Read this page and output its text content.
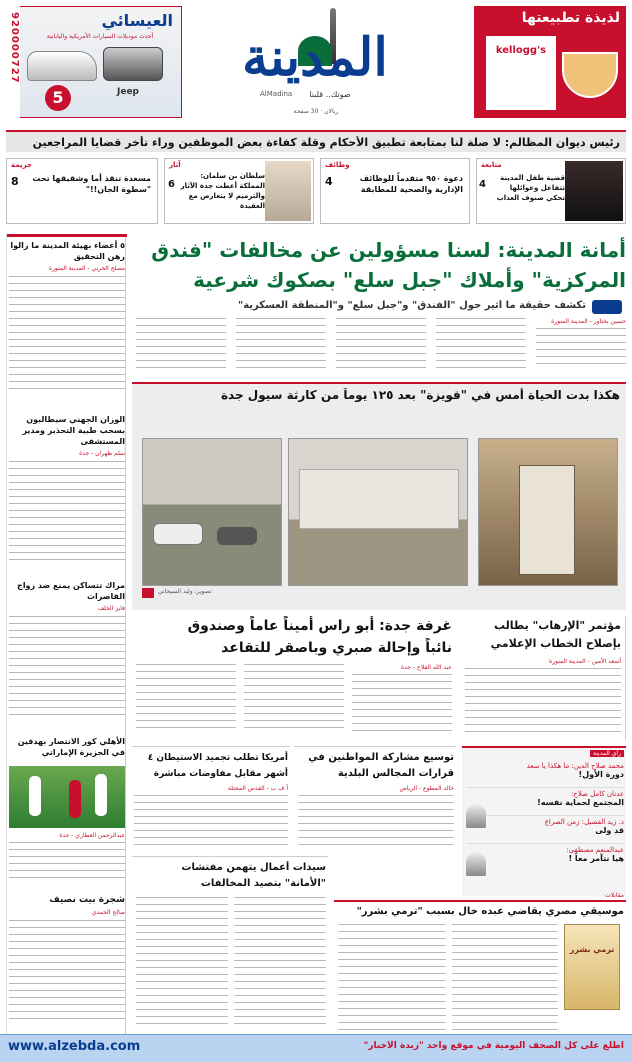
العيسائي
أحدث موديلات السيارات الأمريكية واليابانية
Jeep
5
920000727	المدينة
AlMadina	صوتك.. قلبنا
لذيذة تطبيعتها
kellogg's
ريالان · 30 صفحة
رئيس ديوان المظالم: لا صلة لنا بمتابعة تطبيق الأحكام وقلة كفاءة بعض الموظفين وراء تأخر قضايا المراجعين
متابعة
قضية طفل المدينة تتفاعل وعوائلها تحكي صنوف العذاب
4
وظائف
دعوة ٩٥٠ متقدماً للوظائف الإدارية والصحية للمطابقة
4
آثار
سلطان بن سلمان: المملكة أعطت جدة الآثار والترميم لا يتعارض مع العقيدة
6
جريمة
مسعدة تنقذ أما وشقيقها تحت "سطوة الجان!!"
8
٥ أعضاء بهيئة المدينة ما زالوا رهن التحقيق
مصلح الحربي - المدينة المنورة
الوزان الجهني سيطالبون بسحب طبية التحذير ومدير المستشفى
سلم ظهران - جدة
مراك تتساكن يمنع ضد زواج القاصرات
فايز الخلف
الأهلي كور الانتصار بهدفين في الجزيرة الإماراتي
عبدالرحمن العطاري - جدة
شجرة بيت نصيف
صالح الحمدي
أمانة المدينة: لسنا مسؤولين عن مخالفات "فندق
المركزية" وأملاك "جبل سلع" بصكوك شرعية
تكشف حقيقة ما أثير حول "الفندق" و"جبل سلع" و"المنطقة العسكرية"
حسين بختاور - المدينة المنورة
هكذا بدت الحياة أمس في "قويزة" بعد ١٢٥ يوماً من كارثة سيول جدة
تصوير: وليد السيحاني
غرفة جدة: أبو راس أميناً عاماً وصندوق
نائباً وإحالة صبري وباصقر للتقاعد
عبد الله الفلاح - جدة
مؤتمر "الإرهاب" يطالب
بإصلاح الخطاب الإعلامي
أسعد الأمين - المدينة المنورة
توسيع مشاركة المواطنين في
قرارات المجالس البلدية
خالد المطوع - الرياض
أمريكا تطلب تجميد الاستيطان ٤
أشهر مقابل مفاوضات مباشرة
أ ف ب - القدس المحتلة
رأي المدينة
محمد صلاح الدين: ما هكذا يا سعد
دورة الأول!
عدنان كامل صلاح:
المجتمع لحماية نفسه!
د. زيد الفضيل: زمن الصراع
قد ولى
عبدالمنعم مصطفى:
هيا نتآمر معاً !
سيدات أعمال يتهمن مفتشات
"الأمانة" بتصيد المخالفات
مقابلات
موسيقي مصري يقاضي عبده خال بسبب "ترمي بشرر"
ترمي بشرر
www.alzebda.com	اطلع على كل الصحف اليومية في موقع واحد "زبدة الأخبار"
